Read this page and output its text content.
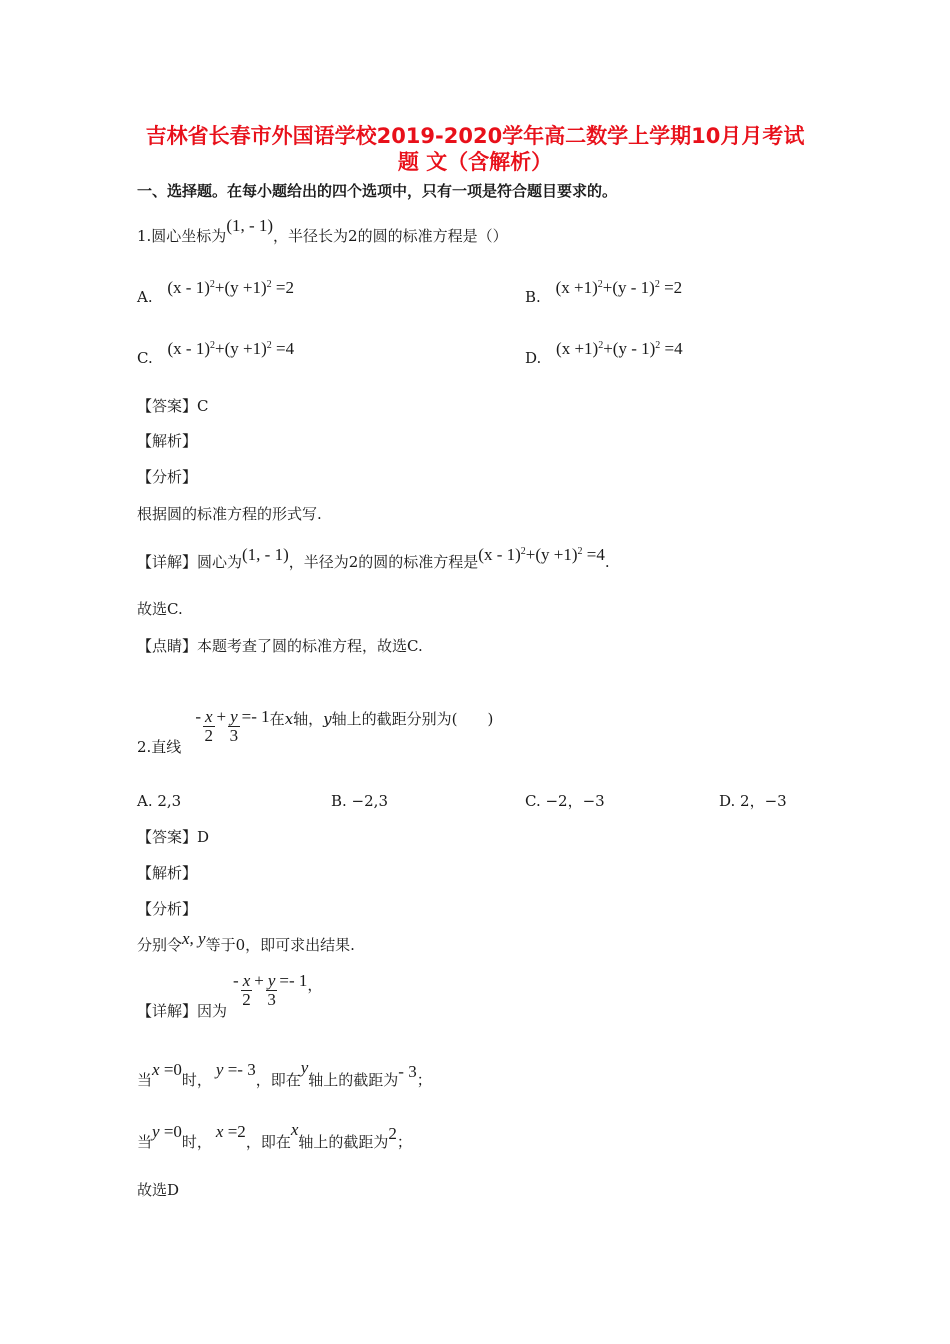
吉林省长春市外国语学校2019-2020学年高二数学上学期10月月考试
题 文（含解析）
一、选择题。在每小题给出的四个选项中，只有一项是符合题目要求的。
1.圆心坐标为(1, - 1)，半径长为2的圆的标准方程是（）
A. $(x - 1)^2+(y +1)^2 =2$	B. $(x +1)^2+(y - 1)^2 =2$
C. $(x - 1)^2+(y +1)^2 =4$	D. $(x +1)^2+(y - 1)^2 =4$
【答案】C
【解析】
【分析】
根据圆的标准方程的形式写.
【详解】圆心为(1, - 1)，半径为2的圆的标准方程是$(x - 1)^2+(y +1)^2 =4$.
故选C.
【点睛】本题考查了圆的标准方程，故选C.
2.直线- $\frac{x}{2} + \frac{y}{3} =- 1$在x轴，y轴上的截距分别为(　　)
A. 2,3	B. −2,3	C. −2，−3	D. 2，−3
【答案】D
【解析】
【分析】
分别令x, y等于0，即可求出结果.
【详解】因为- $\frac{x}{2} + \frac{y}{3} =- 1$，
当x =0时，y =- 3，即在y轴上的截距为- 3；
当y =0时，x =2，即在x轴上的截距为2；
故选D
